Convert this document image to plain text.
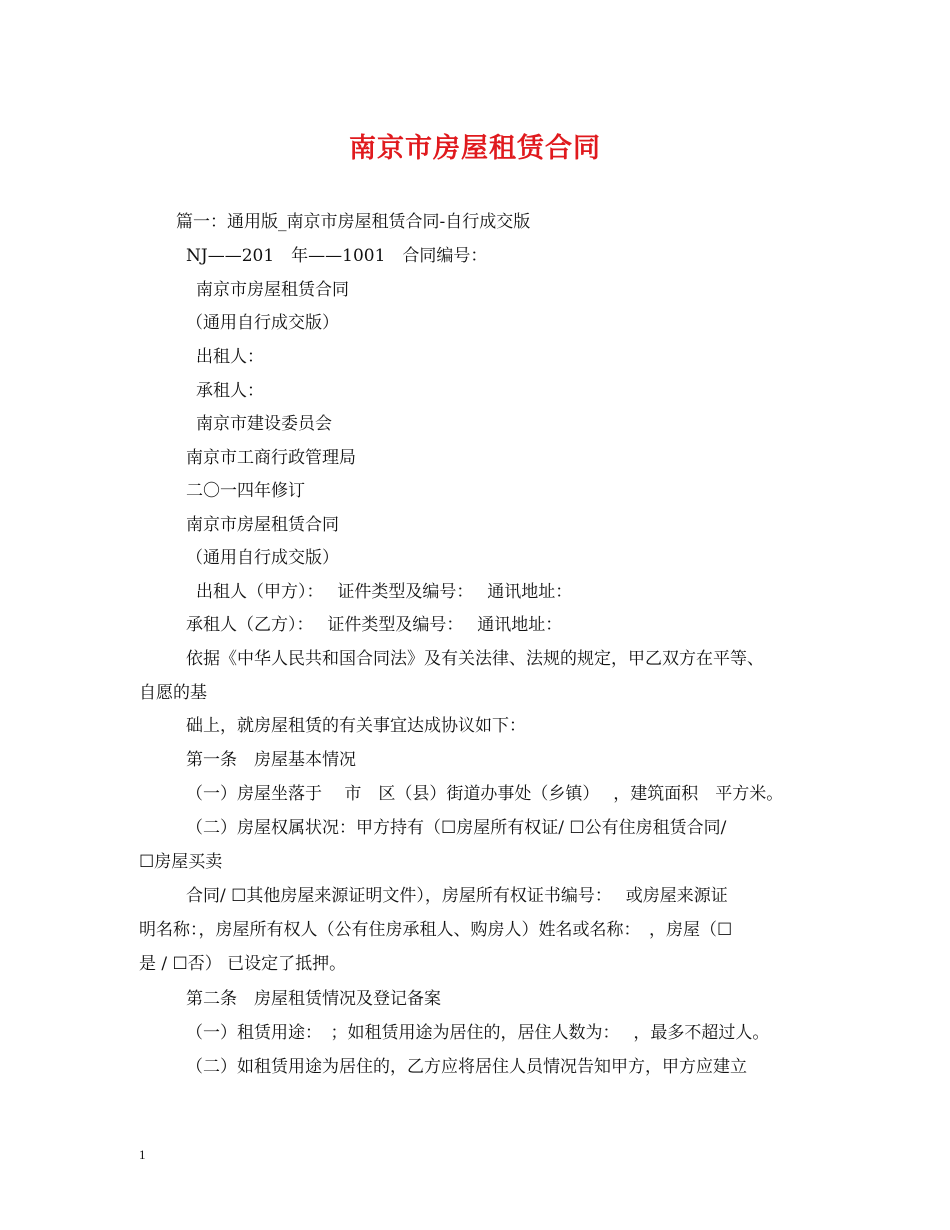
南京市房屋租赁合同
篇一：通用版_南京市房屋租赁合同-自行成交版
NJ——201　年——1001　合同编号：
南京市房屋租赁合同
（通用自行成交版）
出租人：
承租人：
南京市建设委员会
南京市工商行政管理局
二〇一四年修订
南京市房屋租赁合同
（通用自行成交版）
出租人（甲方）：　 证件类型及编号：　 通讯地址：
承租人（乙方）：　 证件类型及编号：　 通讯地址：
依据《中华人民共和国合同法》及有关法律、法规的规定，甲乙双方在平等、
自愿的基
础上，就房屋租赁的有关事宜达成协议如下：
第一条　房屋基本情况
（一）房屋坐落于　 市　区（县）街道办事处（乡镇）　 ，建筑面积　平方米。
（二）房屋权属状况：甲方持有（☐房屋所有权证/ ☐公有住房租赁合同/
☐房屋买卖
合同/ ☐其他房屋来源证明文件），房屋所有权证书编号：　 或房屋来源证
明名称：，房屋所有权人（公有住房承租人、购房人）姓名或名称：　，房屋（☐
是 / ☐否） 已设定了抵押。
第二条　房屋租赁情况及登记备案
（一）租赁用途：　；如租赁用途为居住的，居住人数为：　 ，最多不超过人。
（二）如租赁用途为居住的，乙方应将居住人员情况告知甲方，甲方应建立
1
